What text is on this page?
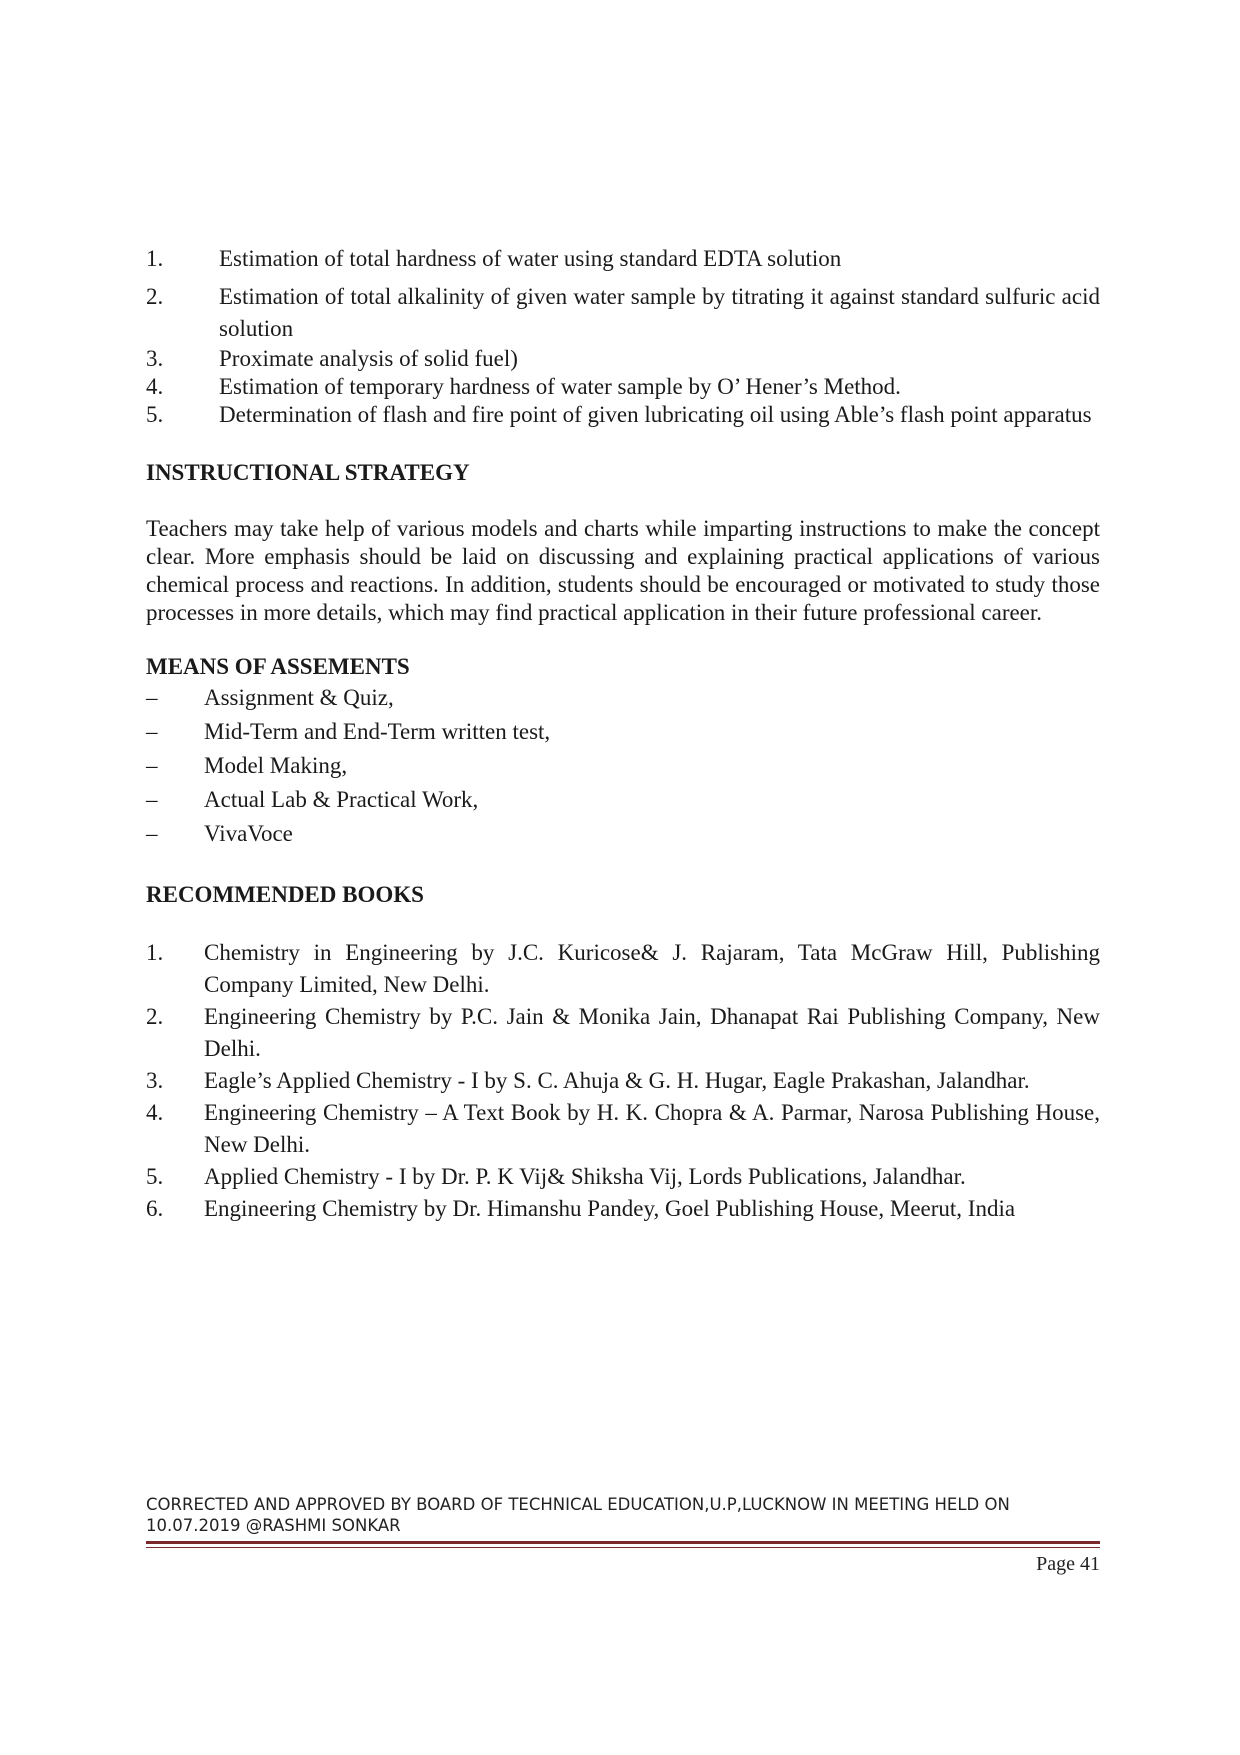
1. Estimation of total hardness of water using standard EDTA solution
2. Estimation of total alkalinity of given water sample by titrating it against standard sulfuric acid solution
3. Proximate analysis of solid fuel)
4. Estimation of temporary hardness of water sample by O’ Hener’s Method.
5. Determination of flash and fire point of given lubricating oil using Able’s flash point apparatus
INSTRUCTIONAL STRATEGY

Teachers may take help of various models and charts while imparting instructions to make the concept clear. More emphasis should be laid on discussing and explaining practical applications of various chemical process and reactions. In addition, students should be encouraged or motivated to study those processes in more details, which may find practical application in their future professional career.

MEANS OF ASSEMENTS
– Assignment & Quiz,
– Mid-Term and End-Term written test,
– Model Making,
– Actual Lab & Practical Work,
– VivaVoce
RECOMMENDED BOOKS
1. Chemistry in Engineering by J.C. Kuricose& J. Rajaram, Tata McGraw Hill, Publishing Company Limited, New Delhi.
2. Engineering Chemistry by P.C. Jain & Monika Jain, Dhanapat Rai Publishing Company, New Delhi.
3. Eagle’s Applied Chemistry - I by S. C. Ahuja & G. H. Hugar, Eagle Prakashan, Jalandhar.
4. Engineering Chemistry – A Text Book by H. K. Chopra & A. Parmar, Narosa Publishing House, New Delhi.
5. Applied Chemistry - I by Dr. P. K Vij& Shiksha Vij, Lords Publications, Jalandhar.
6. Engineering Chemistry by Dr. Himanshu Pandey, Goel Publishing House, Meerut, India
CORRECTED AND APPROVED BY BOARD OF TECHNICAL EDUCATION,U.P,LUCKNOW IN MEETING HELD ON
10.07.2019 @RASHMI SONKAR
Page 41
